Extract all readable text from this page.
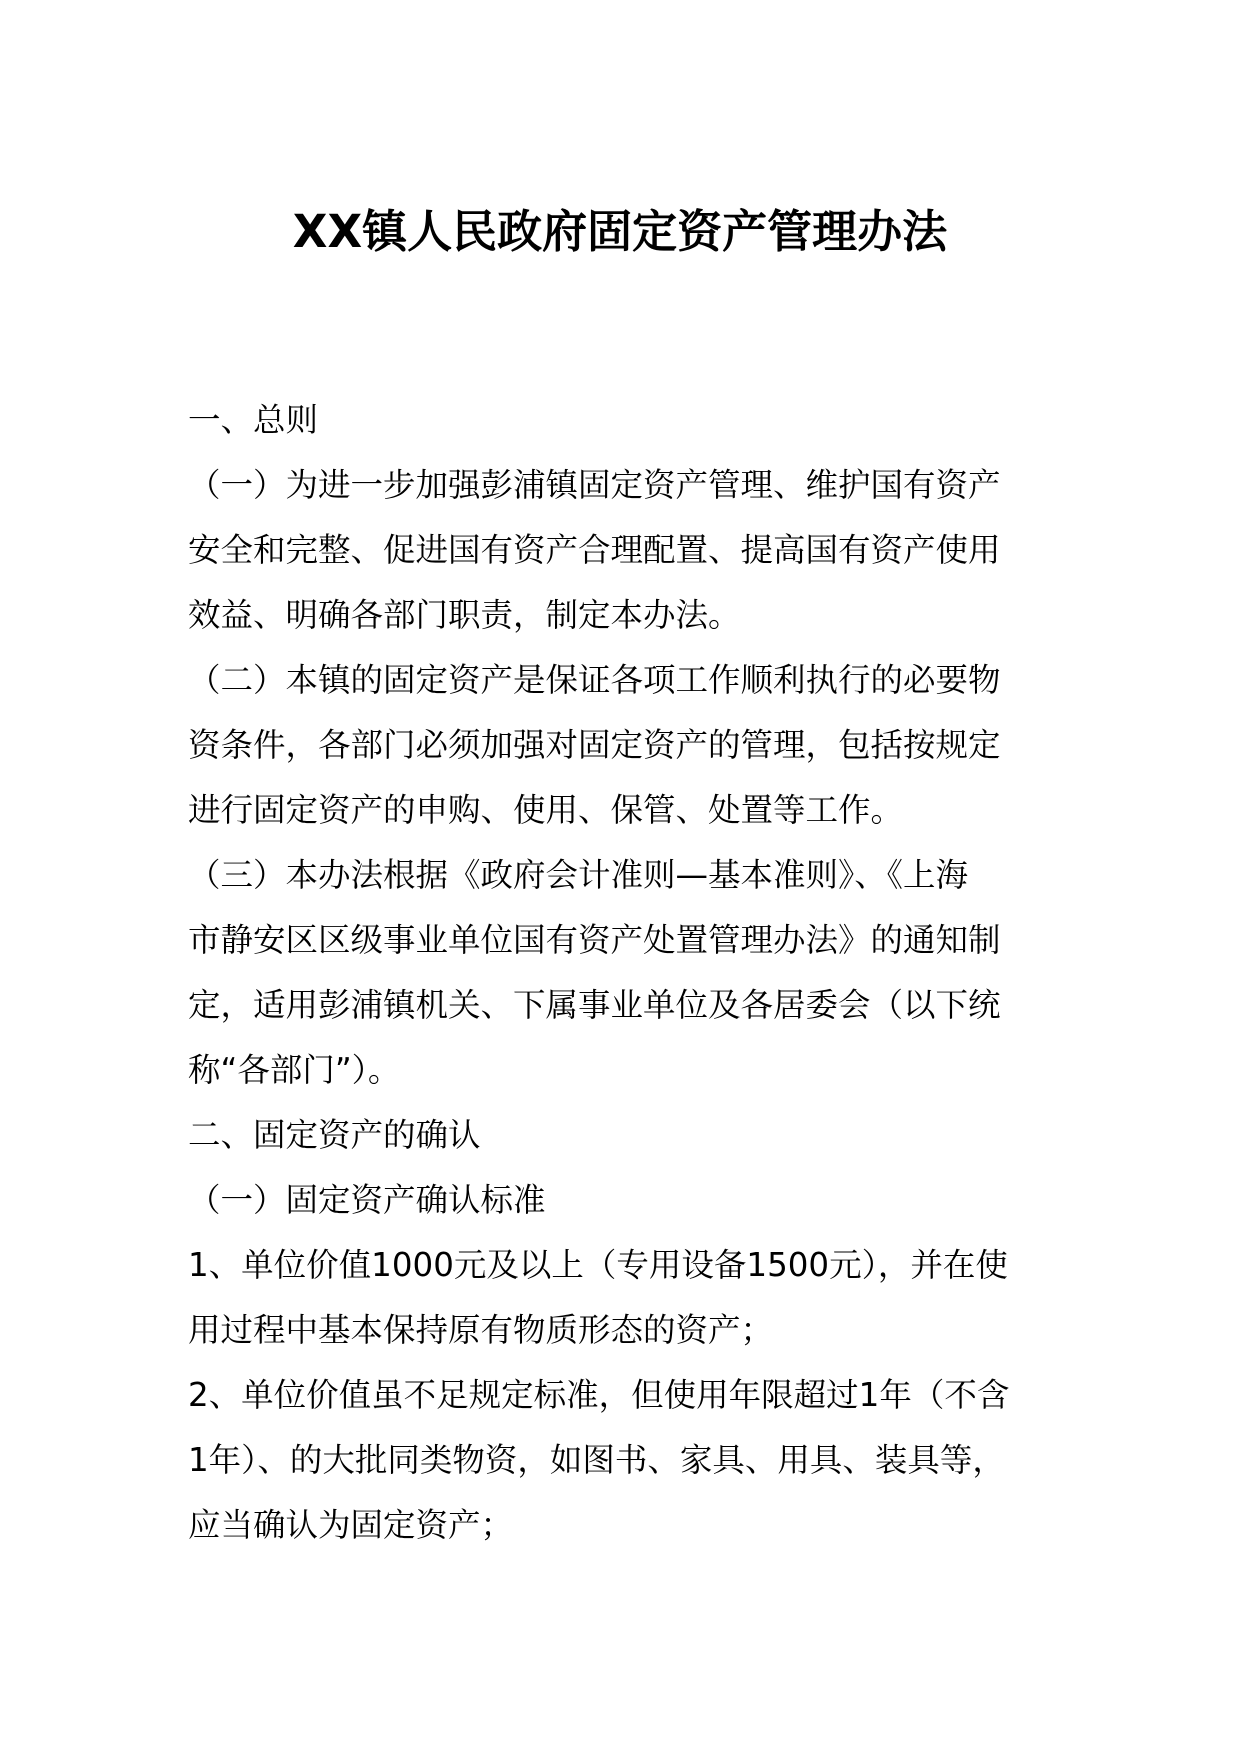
XX镇人民政府固定资产管理办法

一、总则

（一）为进一步加强彭浦镇固定资产管理、维护国有资产

安全和完整、促进国有资产合理配置、提高国有资产使用

效益、明确各部门职责，制定本办法。

（二）本镇的固定资产是保证各项工作顺利执行的必要物

资条件，各部门必须加强对固定资产的管理，包括按规定

进行固定资产的申购、使用、保管、处置等工作。

（三）本办法根据《政府会计准则—基本准则》、《上海

市静安区区级事业单位国有资产处置管理办法》的通知制

定，适用彭浦镇机关、下属事业单位及各居委会（以下统

称“各部门”）。

二、固定资产的确认

（一）固定资产确认标准

1、单位价值1000元及以上（专用设备1500元），并在使

用过程中基本保持原有物质形态的资产；

2、单位价值虽不足规定标准，但使用年限超过1年（不含

1年）、的大批同类物资，如图书、家具、用具、装具等，

应当确认为固定资产；
